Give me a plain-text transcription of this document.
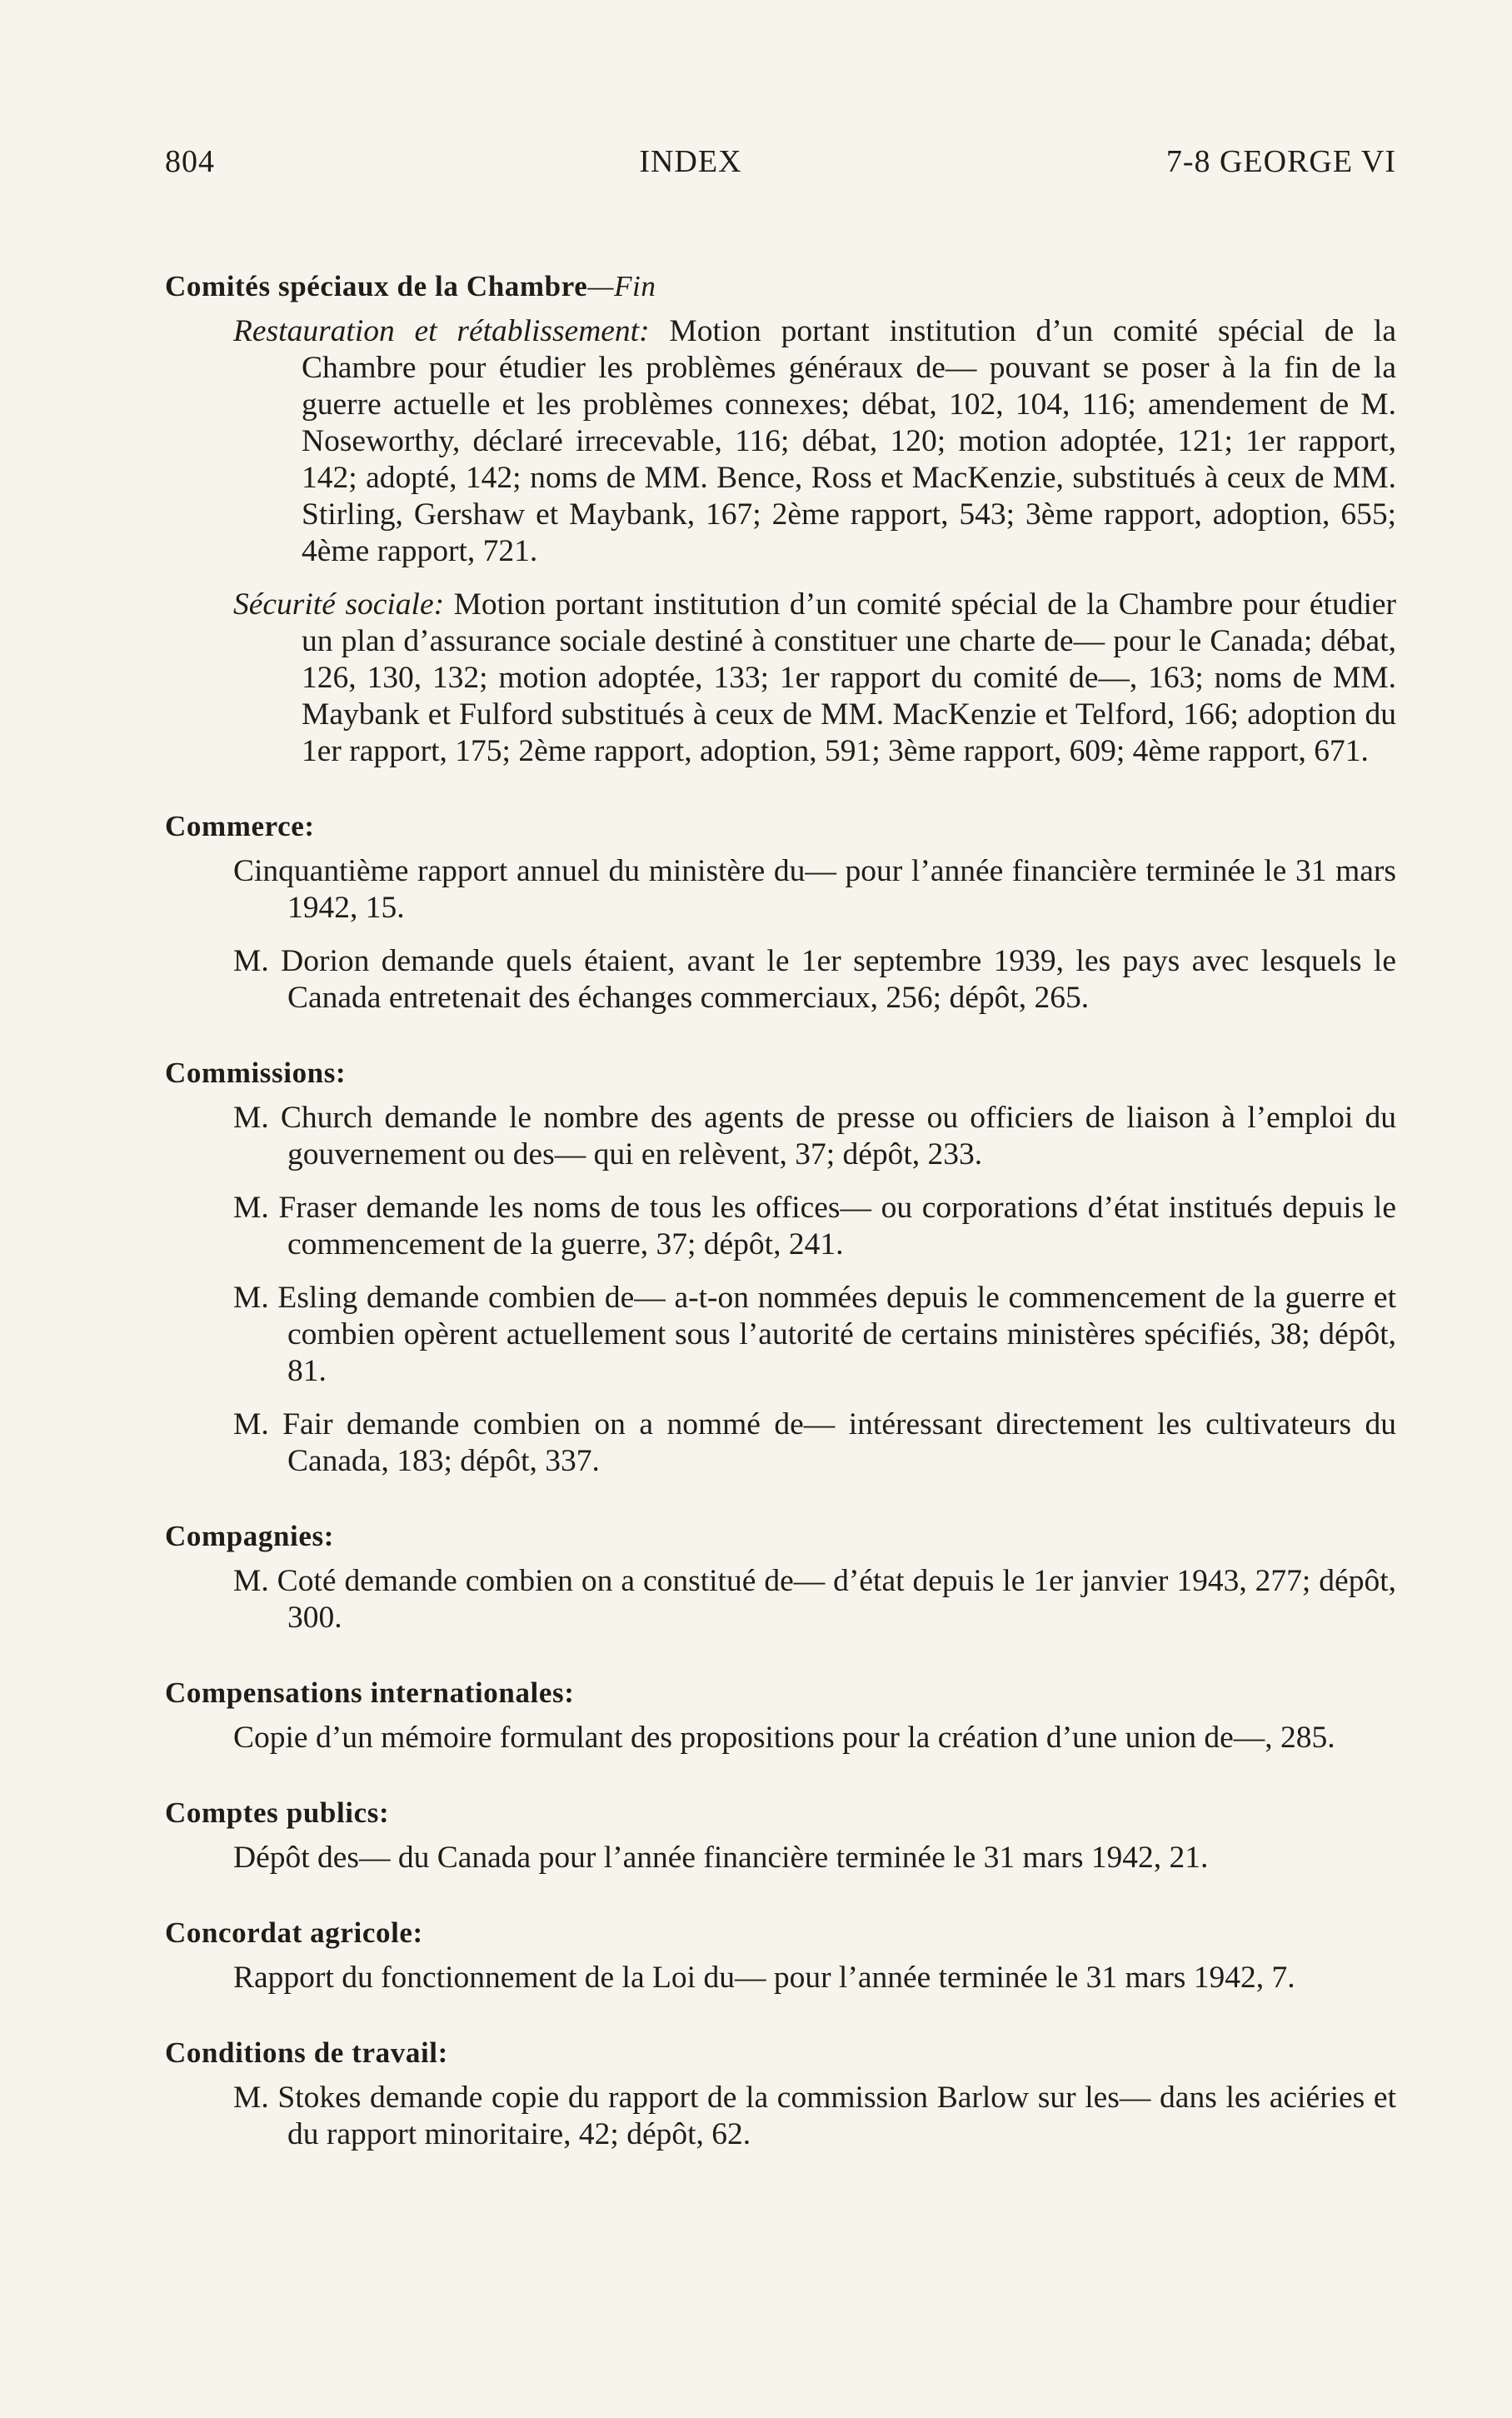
804	INDEX	7-8 GEORGE VI
Comités spéciaux de la Chambre—Fin

Restauration et rétablissement: Motion portant institution d’un comité spécial de la Chambre pour étudier les problèmes généraux de— pouvant se poser à la fin de la guerre actuelle et les problèmes connexes; débat, 102, 104, 116; amendement de M. Noseworthy, déclaré irrecevable, 116; débat, 120; motion adoptée, 121; 1er rapport, 142; adopté, 142; noms de MM. Bence, Ross et MacKenzie, substitués à ceux de MM. Stirling, Gershaw et Maybank, 167; 2ème rapport, 543; 3ème rapport, adoption, 655; 4ème rapport, 721.

Sécurité sociale: Motion portant institution d’un comité spécial de la Chambre pour étudier un plan d’assurance sociale destiné à constituer une charte de— pour le Canada; débat, 126, 130, 132; motion adoptée, 133; 1er rapport du comité de—, 163; noms de MM. Maybank et Fulford substitués à ceux de MM. MacKenzie et Telford, 166; adoption du 1er rapport, 175; 2ème rapport, adoption, 591; 3ème rapport, 609; 4ème rapport, 671.

Commerce:

Cinquantième rapport annuel du ministère du— pour l’année financière terminée le 31 mars 1942, 15.

M. Dorion demande quels étaient, avant le 1er septembre 1939, les pays avec lesquels le Canada entretenait des échanges commerciaux, 256; dépôt, 265.

Commissions:

M. Church demande le nombre des agents de presse ou officiers de liaison à l’emploi du gouvernement ou des— qui en relèvent, 37; dépôt, 233.

M. Fraser demande les noms de tous les offices— ou corporations d’état institués depuis le commencement de la guerre, 37; dépôt, 241.

M. Esling demande combien de— a-t-on nommées depuis le commencement de la guerre et combien opèrent actuellement sous l’autorité de certains ministères spécifiés, 38; dépôt, 81.

M. Fair demande combien on a nommé de— intéressant directement les cultivateurs du Canada, 183; dépôt, 337.

Compagnies:

M. Coté demande combien on a constitué de— d’état depuis le 1er janvier 1943, 277; dépôt, 300.

Compensations internationales:

Copie d’un mémoire formulant des propositions pour la création d’une union de—, 285.

Comptes publics:

Dépôt des— du Canada pour l’année financière terminée le 31 mars 1942, 21.

Concordat agricole:

Rapport du fonctionnement de la Loi du— pour l’année terminée le 31 mars 1942, 7.

Conditions de travail:

M. Stokes demande copie du rapport de la commission Barlow sur les— dans les aciéries et du rapport minoritaire, 42; dépôt, 62.
